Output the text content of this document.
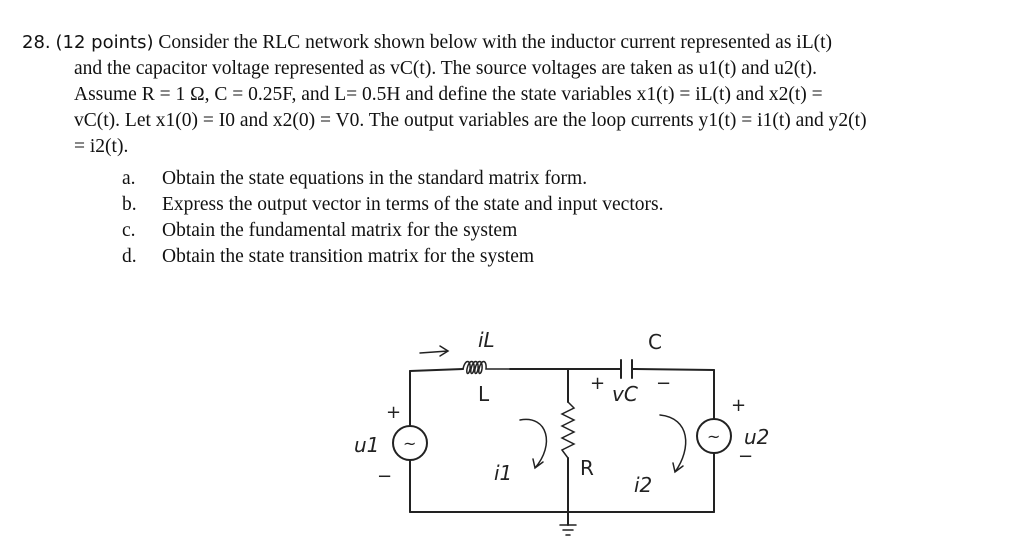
28. (12 points) Consider the RLC network shown below with the inductor current represented as iL(t)
and the capacitor voltage represented as vC(t). The source voltages are taken as u1(t) and u2(t).
Assume R = 1 Ω, C = 0.25F, and L= 0.5H and define the state variables x1(t) = iL(t) and x2(t) =
vC(t). Let x1(0) = I0 and x2(0) = V0. The output variables are the loop currents y1(t) = i1(t) and y2(t)
= i2(t).
a.	Obtain the state equations in the standard matrix form.
b.	Express the output vector in terms of the state and input vectors.
c.	Obtain the fundamental matrix for the system
d.	Obtain the state transition matrix for the system
~	~
iL
L
C
vC
+	−
R
u1
+
−
u2
+
−
i1	i2
